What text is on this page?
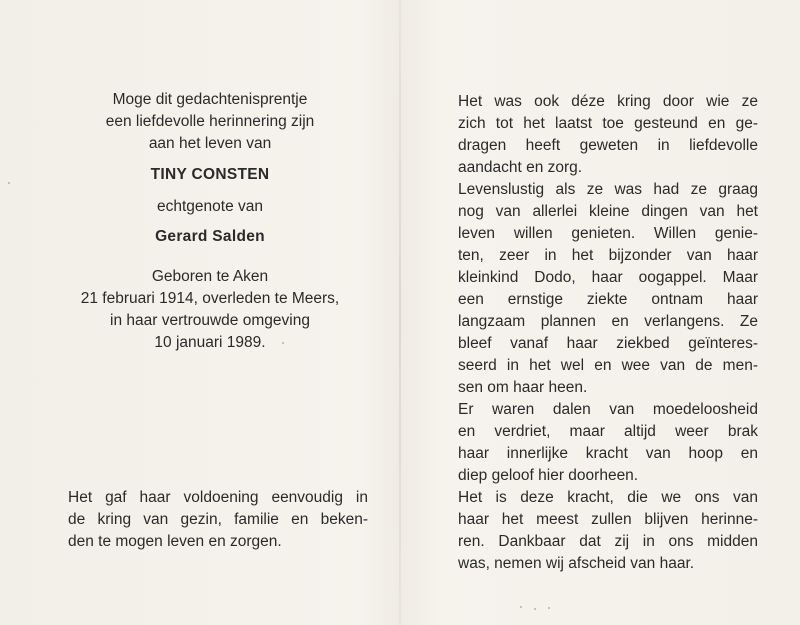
Moge dit gedachtenisprentje
een liefdevolle herinnering zijn
aan het leven van
TINY CONSTEN
echtgenote van
Gerard Salden
Geboren te Aken
21 februari 1914, overleden te Meers,
in haar vertrouwde omgeving
10 januari 1989.
Het gaf haar voldoening eenvoudig in
de kring van gezin, familie en beken-
den te mogen leven en zorgen.
Het was ook déze kring door wie ze
zich tot het laatst toe gesteund en ge-
dragen heeft geweten in liefdevolle
aandacht en zorg.
Levenslustig als ze was had ze graag
nog van allerlei kleine dingen van het
leven willen genieten. Willen genie-
ten, zeer in het bijzonder van haar
kleinkind Dodo, haar oogappel. Maar
een ernstige ziekte ontnam haar
langzaam plannen en verlangens. Ze
bleef vanaf haar ziekbed geïnteres-
seerd in het wel en wee van de men-
sen om haar heen.
Er waren dalen van moedeloosheid
en verdriet, maar altijd weer brak
haar innerlijke kracht van hoop en
diep geloof hier doorheen.
Het is deze kracht, die we ons van
haar het meest zullen blijven herinne-
ren. Dankbaar dat zij in ons midden
was, nemen wij afscheid van haar.
